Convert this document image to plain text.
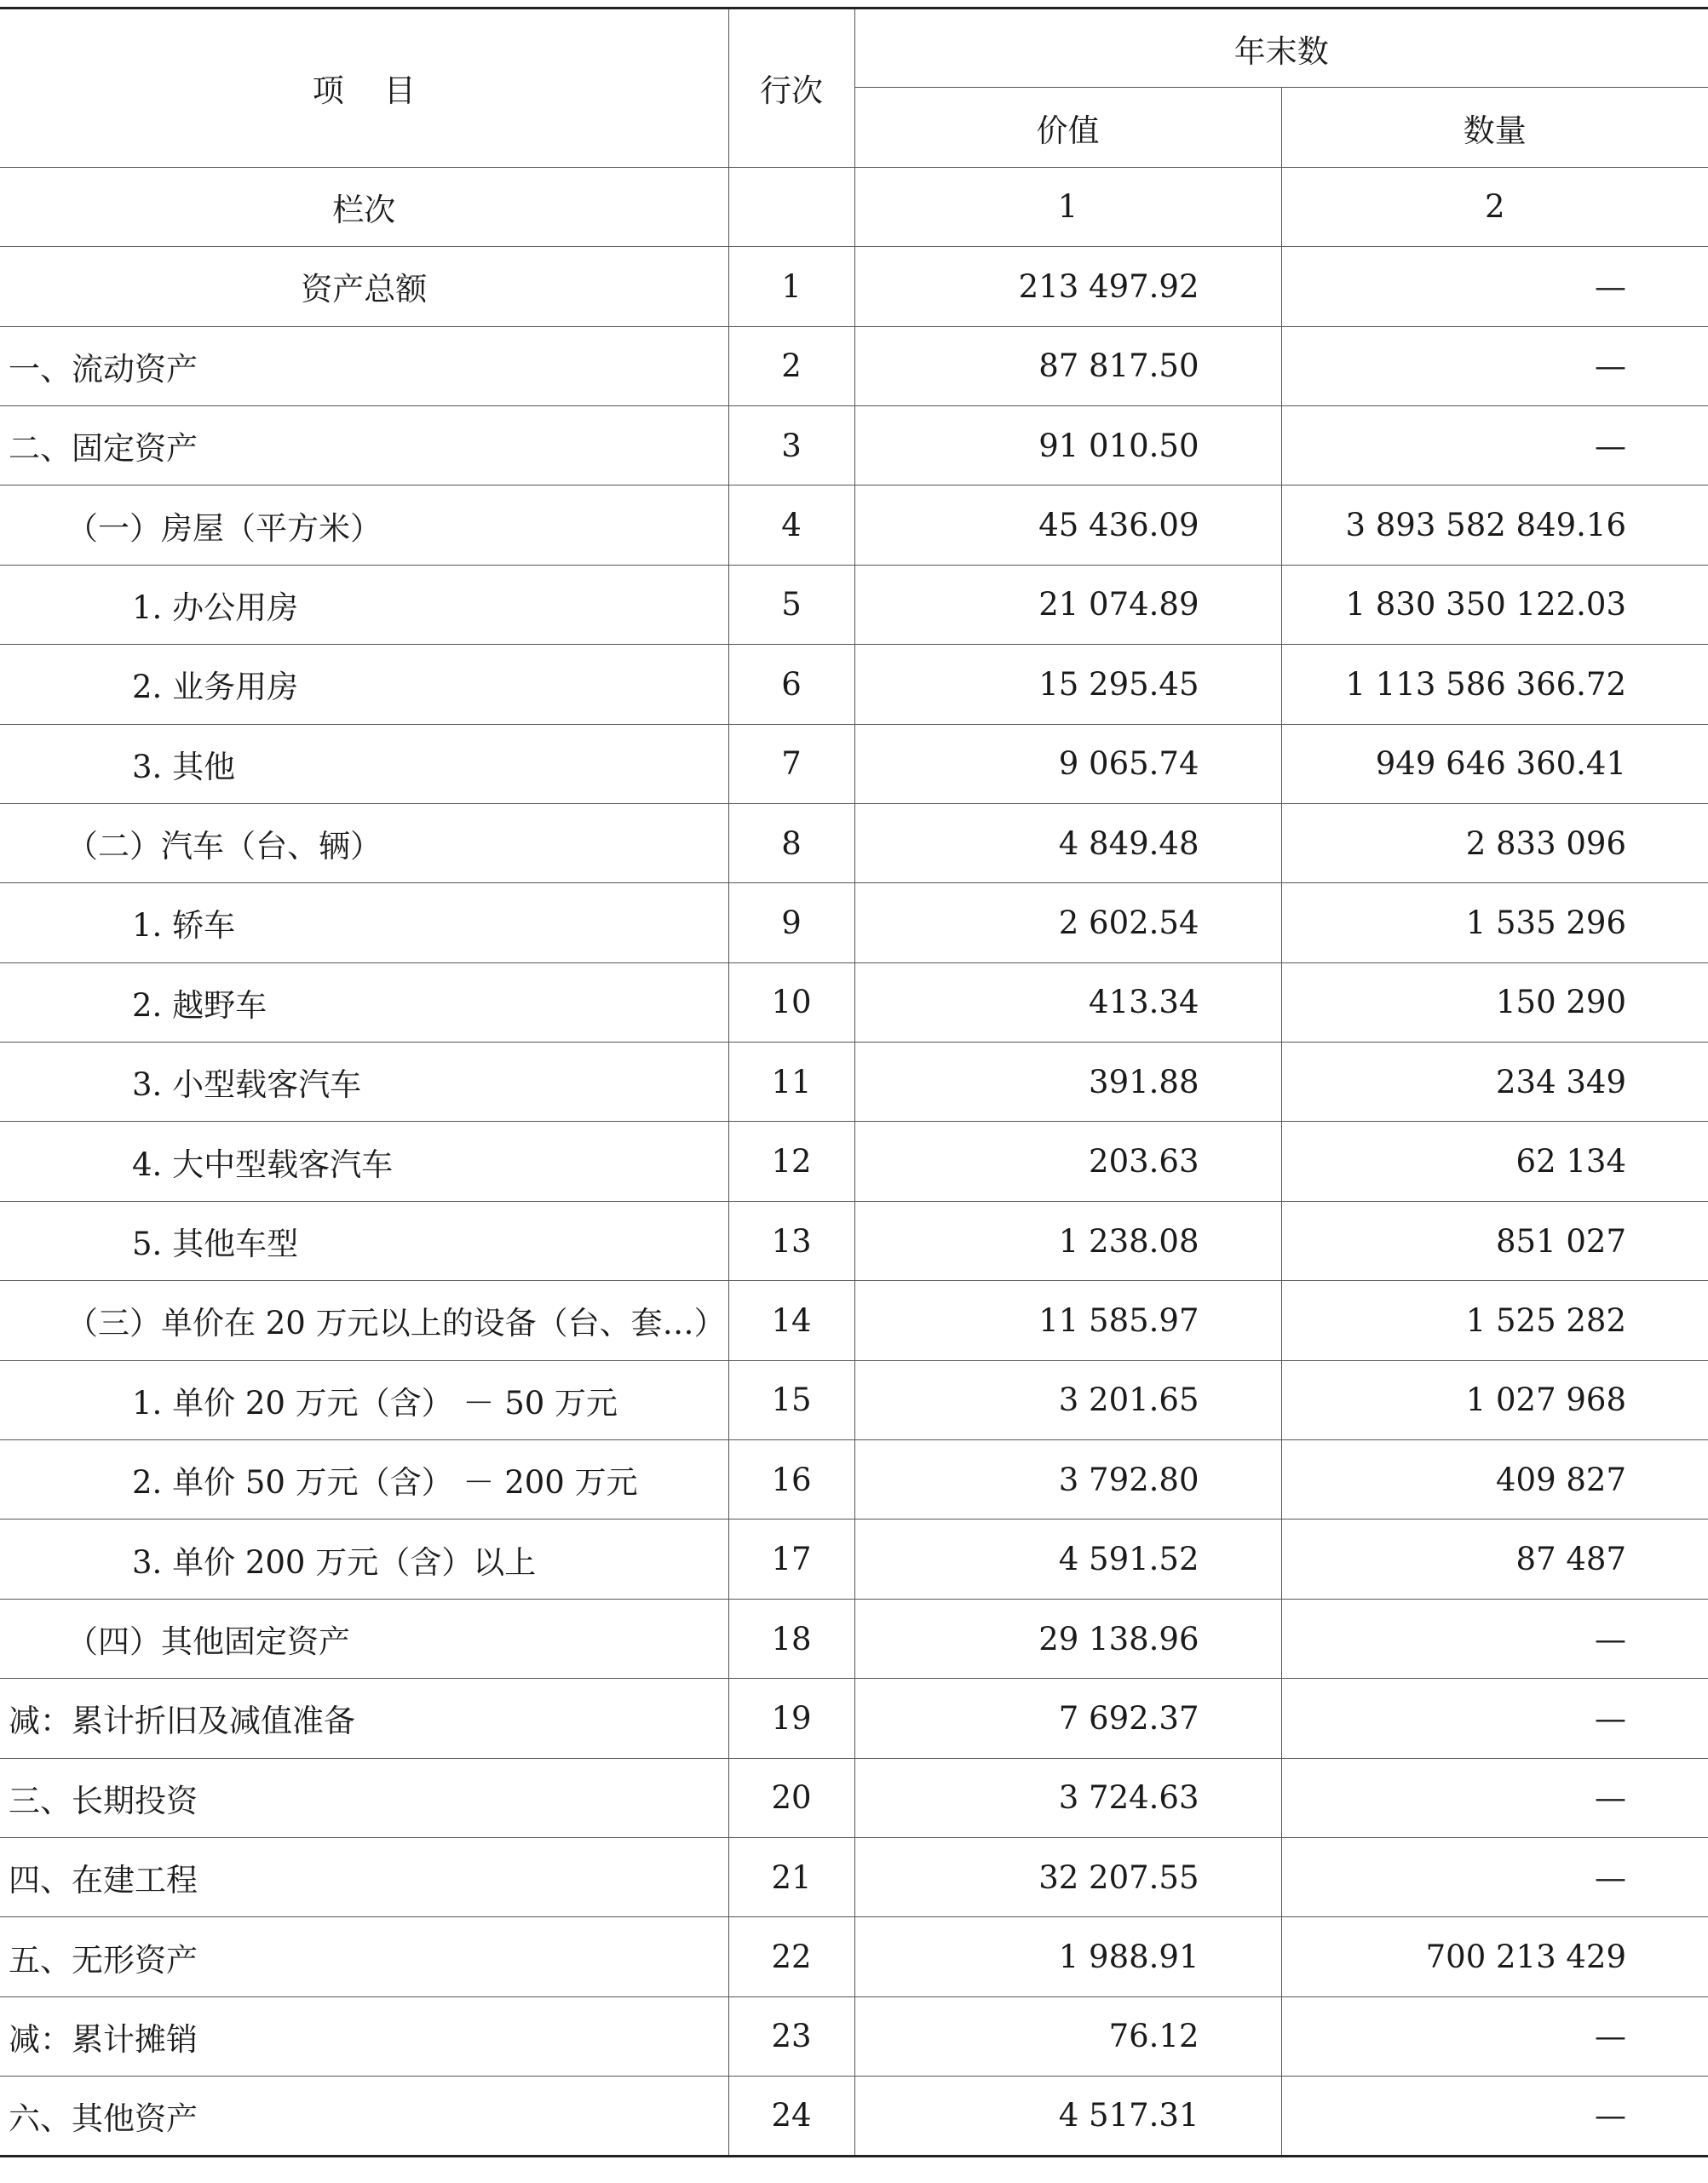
项    目	行次	年末数	
		价值	数量
栏次		1	2
资产总额	1	213 497.92	—
一、流动资产	2	87 817.50	—
二、固定资产	3	91 010.50	—
（一）房屋（平方米）	4	45 436.09	3 893 582 849.16
1. 办公用房	5	21 074.89	1 830 350 122.03
2. 业务用房	6	15 295.45	1 113 586 366.72
3. 其他	7	9 065.74	949 646 360.41
（二）汽车（台、辆）	8	4 849.48	2 833 096
1. 轿车	9	2 602.54	1 535 296
2. 越野车	10	413.34	150 290
3. 小型载客汽车	11	391.88	234 349
4. 大中型载客汽车	12	203.63	62 134
5. 其他车型	13	1 238.08	851 027
（三）单价在 20 万元以上的设备（台、套…）	14	11 585.97	1 525 282
1. 单价 20 万元（含） － 50 万元	15	3 201.65	1 027 968
2. 单价 50 万元（含） － 200 万元	16	3 792.80	409 827
3. 单价 200 万元（含）以上	17	4 591.52	87 487
（四）其他固定资产	18	29 138.96	—
减：累计折旧及减值准备	19	7 692.37	—
三、长期投资	20	3 724.63	—
四、在建工程	21	32 207.55	—
五、无形资产	22	1 988.91	700 213 429
减：累计摊销	23	76.12	—
六、其他资产	24	4 517.31	—
